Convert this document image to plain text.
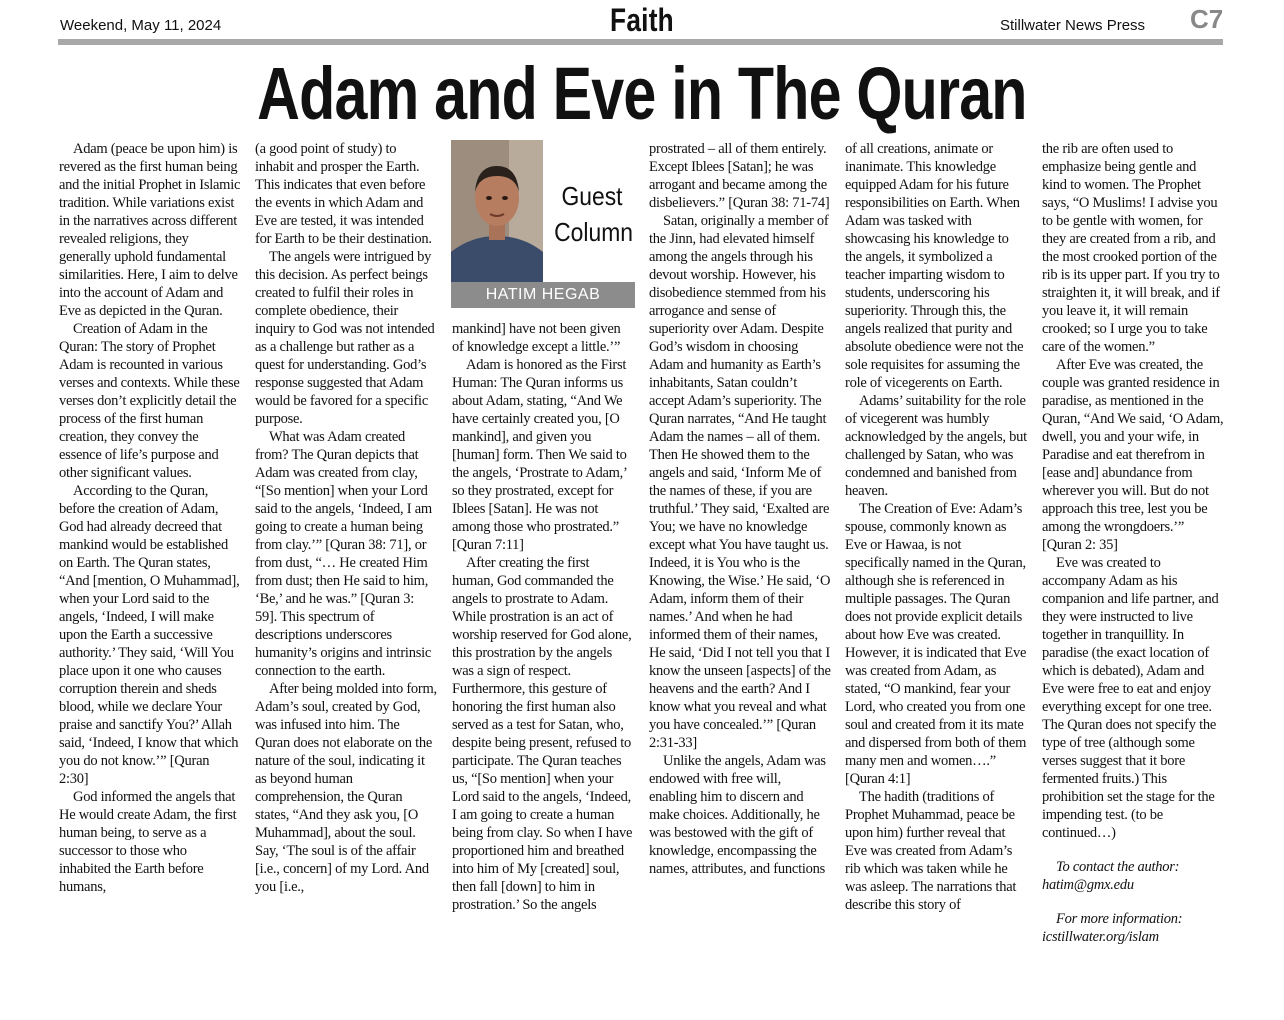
Weekend, May 11, 2024	Faith	Stillwater News Press C7
Adam and Eve in The Quran

Adam (peace be upon him) is revered as the first human being and the initial Prophet in Islamic tradition. While variations exist in the narratives across different revealed religions, they generally uphold fundamental similarities. Here, I aim to delve into the account of Adam and Eve as depicted in the Quran.

Creation of Adam in the Quran: The story of Prophet Adam is recounted in various verses and contexts. While these verses don’t explicitly detail the process of the first human creation, they convey the essence of life’s purpose and other significant values.

According to the Quran, before the creation of Adam, God had already decreed that mankind would be established on Earth. The Quran states, “And [mention, O Muhammad], when your Lord said to the angels, ‘Indeed, I will make upon the Earth a successive authority.’ They said, ‘Will You place upon it one who causes corruption therein and sheds blood, while we declare Your praise and sanctify You?’ Allah said, ‘Indeed, I know that which you do not know.’” [Quran 2:30]

God informed the angels that He would create Adam, the first human being, to serve as a successor to those who inhabited the Earth before humans,

(a good point of study) to inhabit and prosper the Earth. This indicates that even before the events in which Adam and Eve are tested, it was intended for Earth to be their destination.

The angels were intrigued by this decision. As perfect beings created to fulfil their roles in complete obedience, their inquiry to God was not intended as a challenge but rather as a quest for understanding. God’s response suggested that Adam would be favored for a specific purpose.

What was Adam created from? The Quran depicts that Adam was created from clay, “[So mention] when your Lord said to the angels, ‘Indeed, I am going to create a human being from clay.’” [Quran 38: 71], or from dust, “… He created Him from dust; then He said to him, ‘Be,’ and he was.” [Quran 3: 59]. This spectrum of descriptions underscores humanity’s origins and intrinsic connection to the earth.

After being molded into form, Adam’s soul, created by God, was infused into him. The Quran does not elaborate on the nature of the soul, indicating it as beyond human comprehension, the Quran states, “And they ask you, [O Muhammad], about the soul. Say, ‘The soul is of the affair [i.e., concern] of my Lord. And you [i.e.,

Guest
Column
HATIM HEGAB

mankind] have not been given of knowledge except a little.’”

Adam is honored as the First Human: The Quran informs us about Adam, stating, “And We have certainly created you, [O mankind], and given you [human] form. Then We said to the angels, ‘Prostrate to Adam,’ so they prostrated, except for Iblees [Satan]. He was not among those who prostrated.” [Quran 7:11]

After creating the first human, God commanded the angels to prostrate to Adam. While prostration is an act of worship reserved for God alone, this prostration by the angels was a sign of respect. Furthermore, this gesture of honoring the first human also served as a test for Satan, who, despite being present, refused to participate. The Quran teaches us, “[So mention] when your Lord said to the angels, ‘Indeed, I am going to create a human being from clay. So when I have proportioned him and breathed into him of My [created] soul, then fall [down] to him in prostration.’ So the angels

prostrated – all of them entirely. Except Iblees [Satan]; he was arrogant and became among the disbelievers.” [Quran 38: 71-74]

Satan, originally a member of the Jinn, had elevated himself among the angels through his devout worship. However, his disobedience stemmed from his arrogance and sense of superiority over Adam. Despite God’s wisdom in choosing Adam and humanity as Earth’s inhabitants, Satan couldn’t accept Adam’s superiority. The Quran narrates, “And He taught Adam the names – all of them. Then He showed them to the angels and said, ‘Inform Me of the names of these, if you are truthful.’ They said, ‘Exalted are You; we have no knowledge except what You have taught us. Indeed, it is You who is the Knowing, the Wise.’ He said, ‘O Adam, inform them of their names.’ And when he had informed them of their names, He said, ‘Did I not tell you that I know the unseen [aspects] of the heavens and the earth? And I know what you reveal and what you have concealed.’” [Quran 2:31-33]

Unlike the angels, Adam was endowed with free will, enabling him to discern and make choices. Additionally, he was bestowed with the gift of knowledge, encompassing the names, attributes, and functions

of all creations, animate or inanimate. This knowledge equipped Adam for his future responsibilities on Earth. When Adam was tasked with showcasing his knowledge to the angels, it symbolized a teacher imparting wisdom to students, underscoring his superiority. Through this, the angels realized that purity and absolute obedience were not the sole requisites for assuming the role of vicegerents on Earth.

Adams’ suitability for the role of vicegerent was humbly acknowledged by the angels, but challenged by Satan, who was condemned and banished from heaven.

The Creation of Eve: Adam’s spouse, commonly known as Eve or Hawaa, is not specifically named in the Quran, although she is referenced in multiple passages. The Quran does not provide explicit details about how Eve was created. However, it is indicated that Eve was created from Adam, as stated, “O mankind, fear your Lord, who created you from one soul and created from it its mate and dispersed from both of them many men and women….” [Quran 4:1]

The hadith (traditions of Prophet Muhammad, peace be upon him) further reveal that Eve was created from Adam’s rib which was taken while he was asleep. The narrations that describe this story of

the rib are often used to emphasize being gentle and kind to women. The Prophet says, “O Muslims! I advise you to be gentle with women, for they are created from a rib, and the most crooked portion of the rib is its upper part. If you try to straighten it, it will break, and if you leave it, it will remain crooked; so I urge you to take care of the women.”

After Eve was created, the couple was granted residence in paradise, as mentioned in the Quran, “And We said, ‘O Adam, dwell, you and your wife, in Paradise and eat therefrom in [ease and] abundance from wherever you will. But do not approach this tree, lest you be among the wrongdoers.’” [Quran 2: 35]

Eve was created to accompany Adam as his companion and life partner, and they were instructed to live together in tranquillity. In paradise (the exact location of which is debated), Adam and Eve were free to eat and enjoy everything except for one tree. The Quran does not specify the type of tree (although some verses suggest that it bore fermented fruits.) This prohibition set the stage for the impending test. (to be continued…)

To contact the author:

hatim@gmx.edu

For more information:

icstillwater.org/islam
